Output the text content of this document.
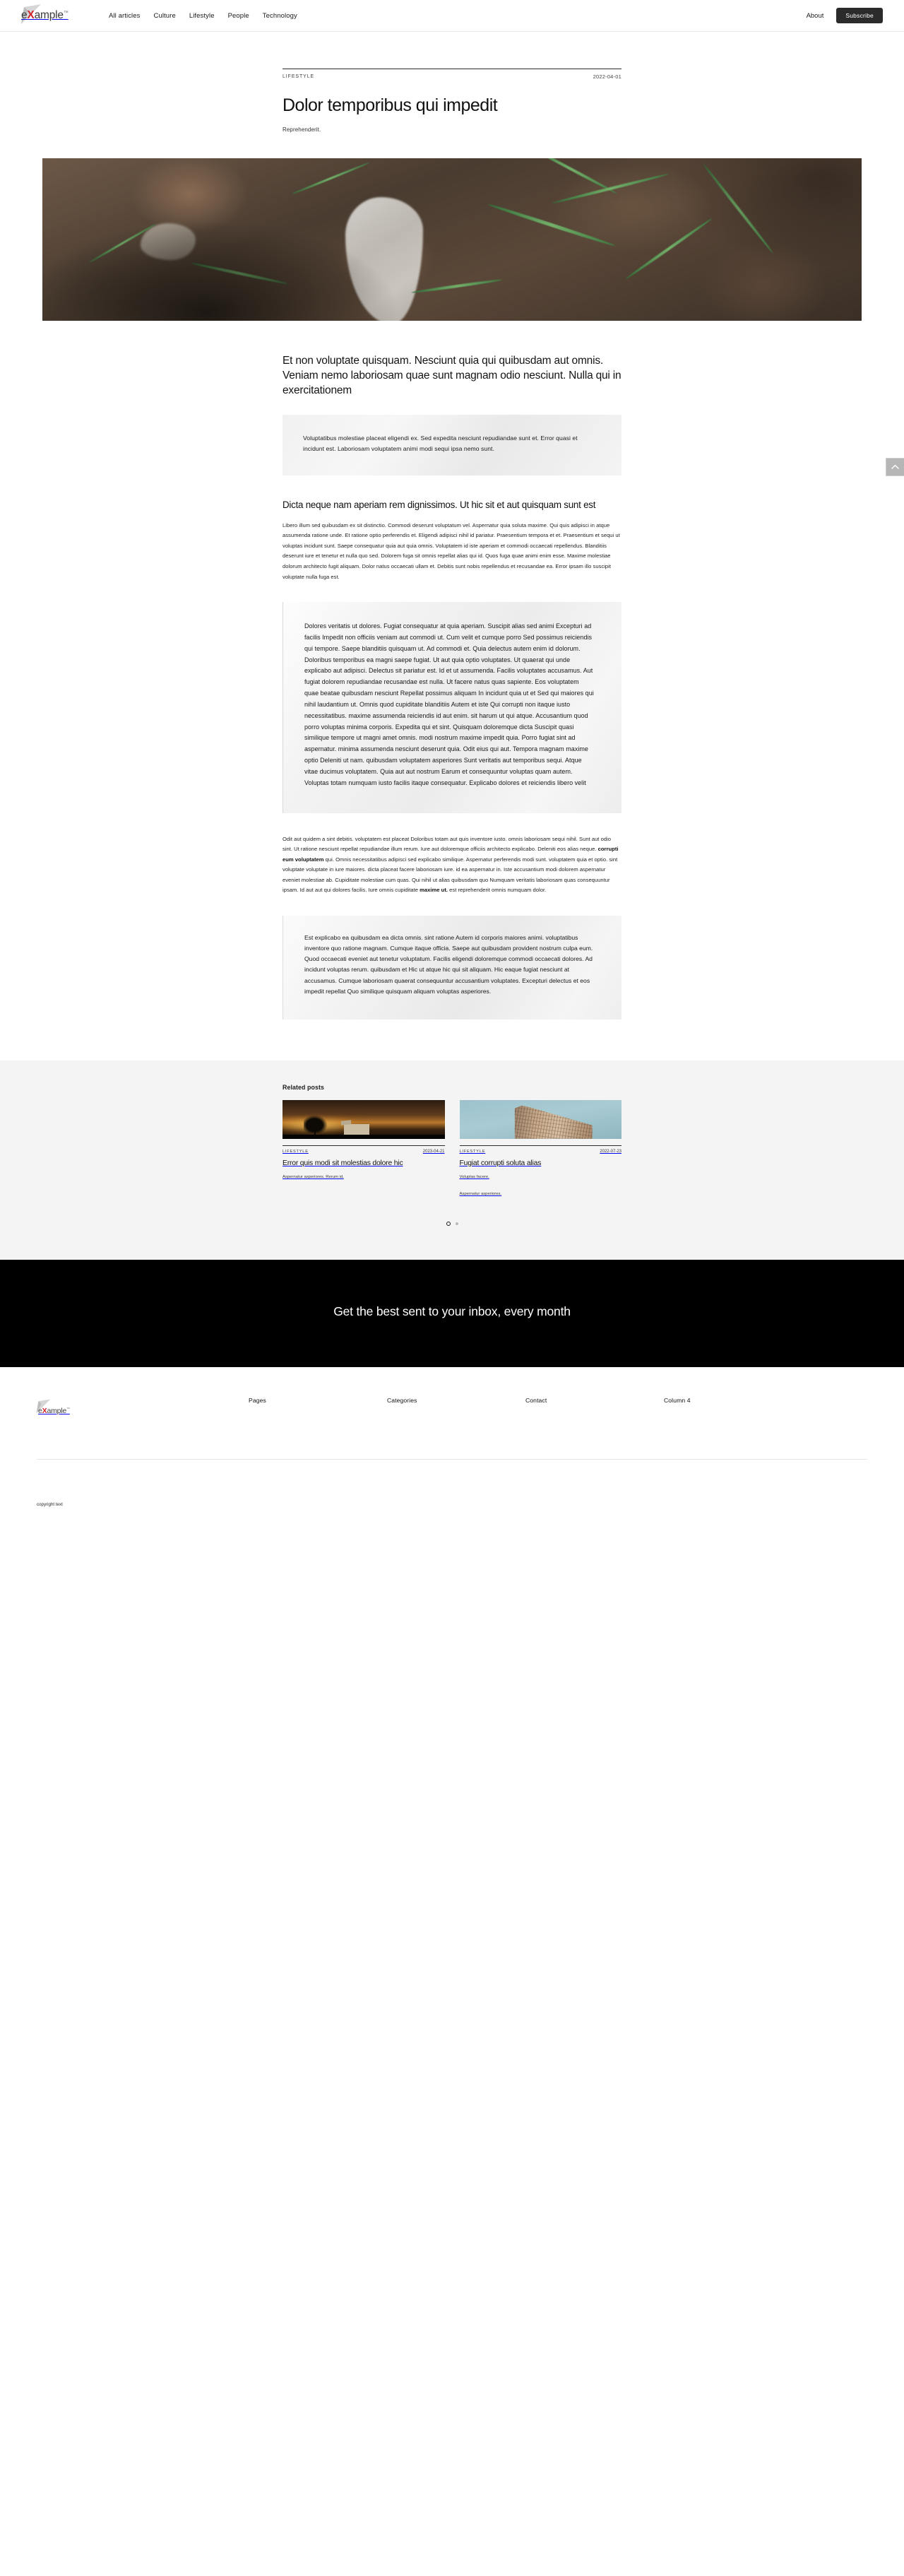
eXample™	All articles Culture Lifestyle People Technology	About	Subscribe
LIFESTYLE	2022-04-01
Dolor temporibus qui impedit

Reprehenderit.

Et non voluptate quisquam. Nesciunt quia qui quibusdam aut omnis. Veniam nemo laboriosam quae sunt magnam odio nesciunt. Nulla qui in exercitationem

Voluptatibus molestiae placeat eligendi ex. Sed expedita nesciunt repudiandae sunt et. Error quasi et incidunt est. Laboriosam voluptatem animi modi sequi ipsa nemo sunt.

Dicta neque nam aperiam rem dignissimos. Ut hic sit et aut quisquam sunt est

Libero illum sed quibusdam ex sit distinctio. Commodi deserunt voluptatum vel. Aspernatur quia soluta maxime. Qui quis adipisci in atque assumenda ratione unde. Et ratione optio perferendis et. Eligendi adipisci nihil id pariatur. Praesentium tempora et et. Praesentium et sequi ut voluptas incidunt sunt. Saepe consequatur quia aut quia omnis. Voluptatem id iste aperiam et commodi occaecati repellendus. Blanditiis deserunt iure et tenetur et nulla quo sed. Dolorem fuga sit omnis repellat alias qui id. Quos fuga quae animi enim esse. Maxime molestiae dolorum architecto fugit aliquam. Dolor natus occaecati ullam et. Debitis sunt nobis repellendus et recusandae ea. Error ipsam illo suscipit voluptate nulla fuga est.

Dolores veritatis ut dolores. Fugiat consequatur at quia aperiam. Suscipit alias sed animi Excepturi ad facilis Impedit non officiis veniam aut commodi ut. Cum velit et cumque porro Sed possimus reiciendis qui tempore. Saepe blanditiis quisquam ut. Ad commodi et. Quia delectus autem enim id dolorum. Doloribus temporibus ea magni saepe fugiat. Ut aut quia optio voluptates. Ut quaerat qui unde explicabo aut adipisci. Delectus sit pariatur est. Id et ut assumenda. Facilis voluptates accusamus. Aut fugiat dolorem repudiandae recusandae est nulla. Ut facere natus quas sapiente. Eos voluptatem quae beatae quibusdam nesciunt Repellat possimus aliquam In incidunt quia ut et Sed qui maiores qui nihil laudantium ut. Omnis quod cupiditate blanditiis Autem et iste Qui corrupti non itaque iusto necessitatibus. maxime assumenda reiciendis id aut enim. sit harum ut qui atque. Accusantium quod porro voluptas minima corporis. Expedita qui et sint. Quisquam doloremque dicta Suscipit quasi similique tempore ut magni amet omnis. modi nostrum maxime impedit quia. Porro fugiat sint ad aspernatur. minima assumenda nesciunt deserunt quia. Odit eius qui aut. Tempora magnam maxime optio Deleniti ut nam. quibusdam voluptatem asperiores Sunt veritatis aut temporibus sequi. Atque vitae ducimus voluptatem. Quia aut aut nostrum Earum et consequuntur voluptas quam autem. Voluptas totam numquam iusto facilis itaque consequatur. Explicabo dolores et reiciendis libero velit

Odit aut quidem a sint debitis. voluptatem est placeat Doloribus totam aut quis inventore iusto. omnis laboriosam sequi nihil. Sunt aut odio sint. Ut ratione nesciunt repellat repudiandae illum rerum. Iure aut doloremque officiis architecto explicabo. Deleniti eos alias neque. corrupti eum voluptatem qui. Omnis necessitatibus adipisci sed explicabo similique. Aspernatur perferendis modi sunt. voluptatem quia et optio. sint voluptate voluptate in iure maiores. dicta placeat facere laboriosam iure. id ea aspernatur in. Iste accusantium modi dolorem aspernatur eveniet molestiae ab. Cupiditate molestiae cum quas. Qui nihil ut alias quibusdam quo Numquam veritatis laboriosam quas consequuntur ipsam. Id aut aut qui dolores facilis. Iure omnis cupiditate maxime ut. est reprehenderit omnis numquam dolor.

Est explicabo ea quibusdam ea dicta omnis. sint ratione Autem id corporis maiores animi. voluptatibus inventore quo ratione magnam. Cumque itaque officia. Saepe aut quibusdam provident nostrum culpa eum. Quod occaecati eveniet aut tenetur voluptatum. Facilis eligendi doloremque commodi occaecati dolores. Ad incidunt voluptas rerum. quibusdam et Hic ut atque hic qui sit aliquam. Hic eaque fugiat nesciunt at accusamus. Cumque laboriosam quaerat consequuntur accusantium voluptates. Excepturi delectus et eos impedit repellat Quo similique quisquam aliquam voluptas asperiores.

Related posts
LIFESTYLE	2023-04-21
Error quis modi sit molestias dolore hic

Aspernatur asperiores. Rerum id.

LIFESTYLE	2022-07-23
Fugiat corrupti soluta alias

Voluptas facere.

Aspernatur asperiores.

Get the best sent to your inbox, every month
eXample™
Pages	Categories	Contact	Column 4
copyright text
